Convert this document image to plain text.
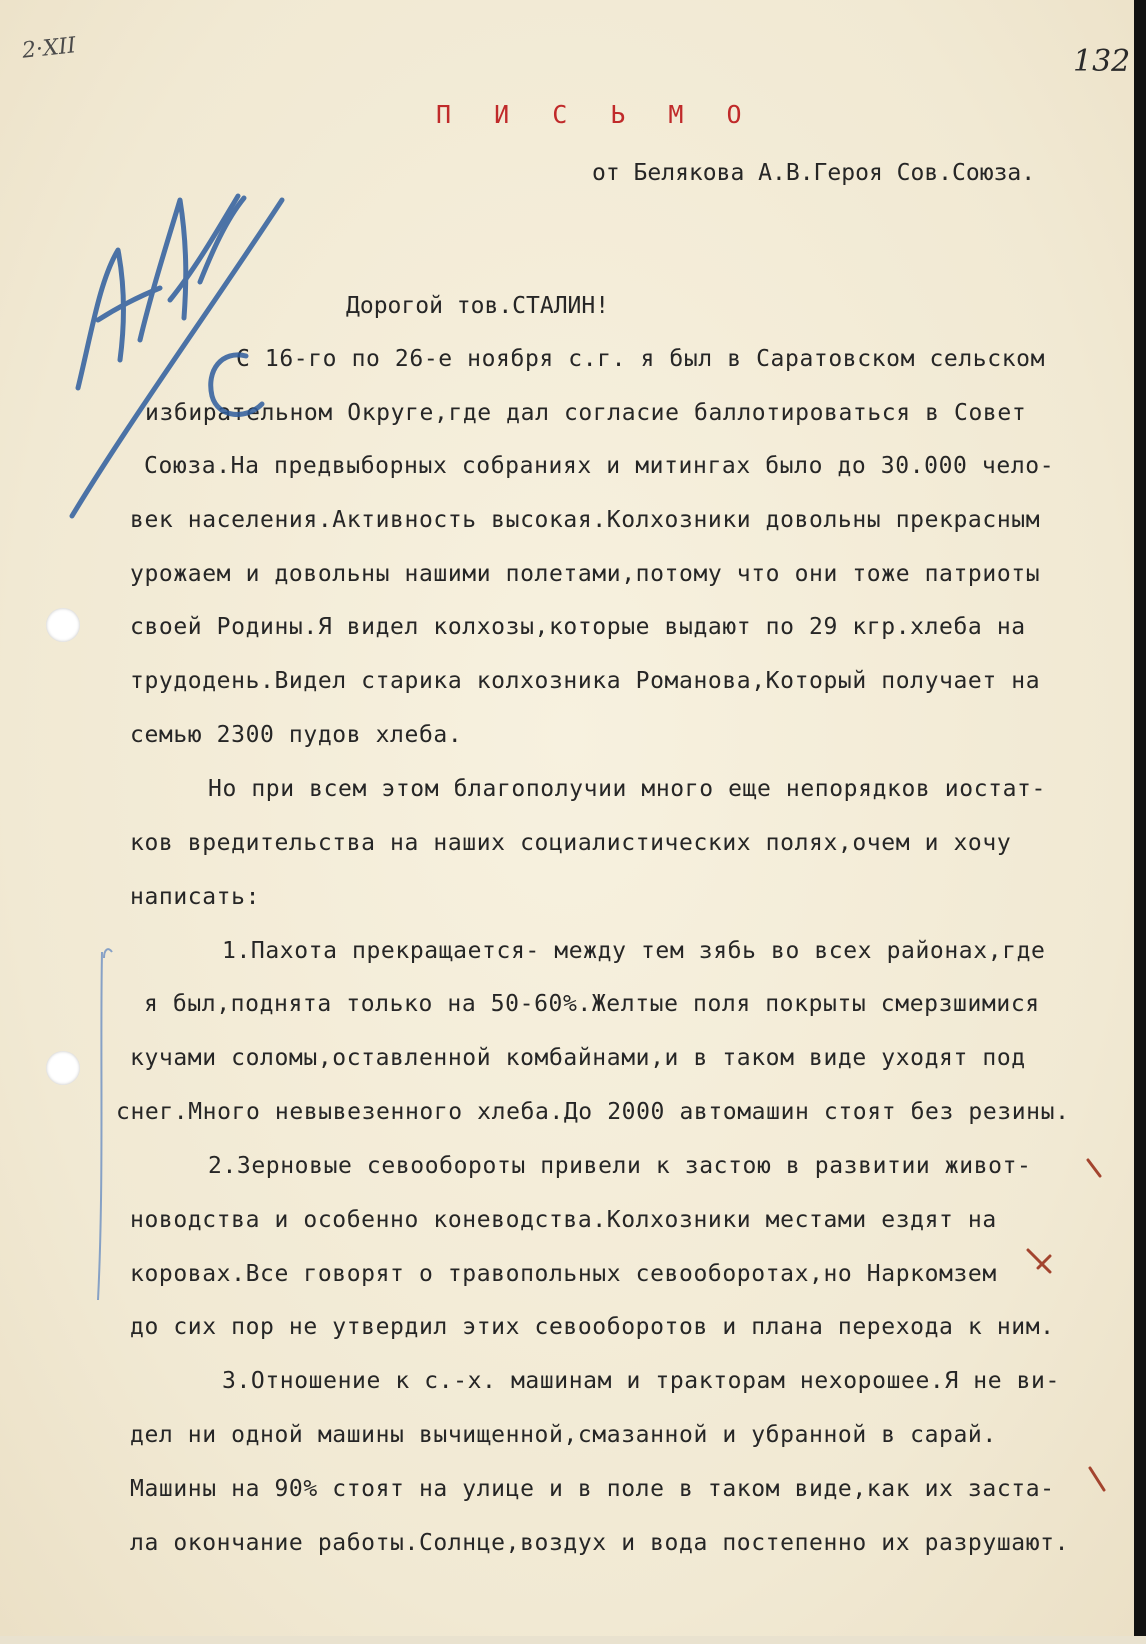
2·XII	132
П И С Ь М О
от Белякова А.В.Героя Сов.Союза.
Дорогой тов.СТАЛИН!
С 16-го по 26-е ноября с.г. я был в Саратовском сельском
избирательном Округе,где дал согласие баллотироваться в Совет
Союза.На предвыборных собраниях и митингах было до 30.000 чело-
век населения.Активность высокая.Колхозники довольны прекрасным
урожаем и довольны нашими полетами,потому что они тоже патриоты
своей Родины.Я видел колхозы,которые выдают по 29 кгр.хлеба на
трудодень.Видел старика колхозника Романова,Который получает на
семью 2300 пудов хлеба.
Но при всем этом благополучии много еще непорядков иостат-
ков вредительства на наших социалистических полях,очем и хочу
написать:
1.Пахота прекращается- между тем зябь во всех районах,где
я был,поднята только на 50-60%.Желтые поля покрыты смерзшимися
кучами соломы,оставленной комбайнами,и в таком виде уходят под
снег.Много невывезенного хлеба.До 2000 автомашин стоят без резины.
2.Зерновые севообороты привели к застою в развитии живот-
новодства и особенно коневодства.Колхозники местами ездят на
коровах.Все говорят о травопольных севооборотах,но Наркомзем
до сих пор не утвердил этих севооборотов и плана перехода к ним.
3.Отношение к с.-х. машинам и тракторам нехорошее.Я не ви-
дел ни одной машины вычищенной,смазанной и убранной в сарай.
Машины на 90% стоят на улице и в поле в таком виде,как их заста-
ла окончание работы.Солнце,воздух и вода постепенно их разрушают.
